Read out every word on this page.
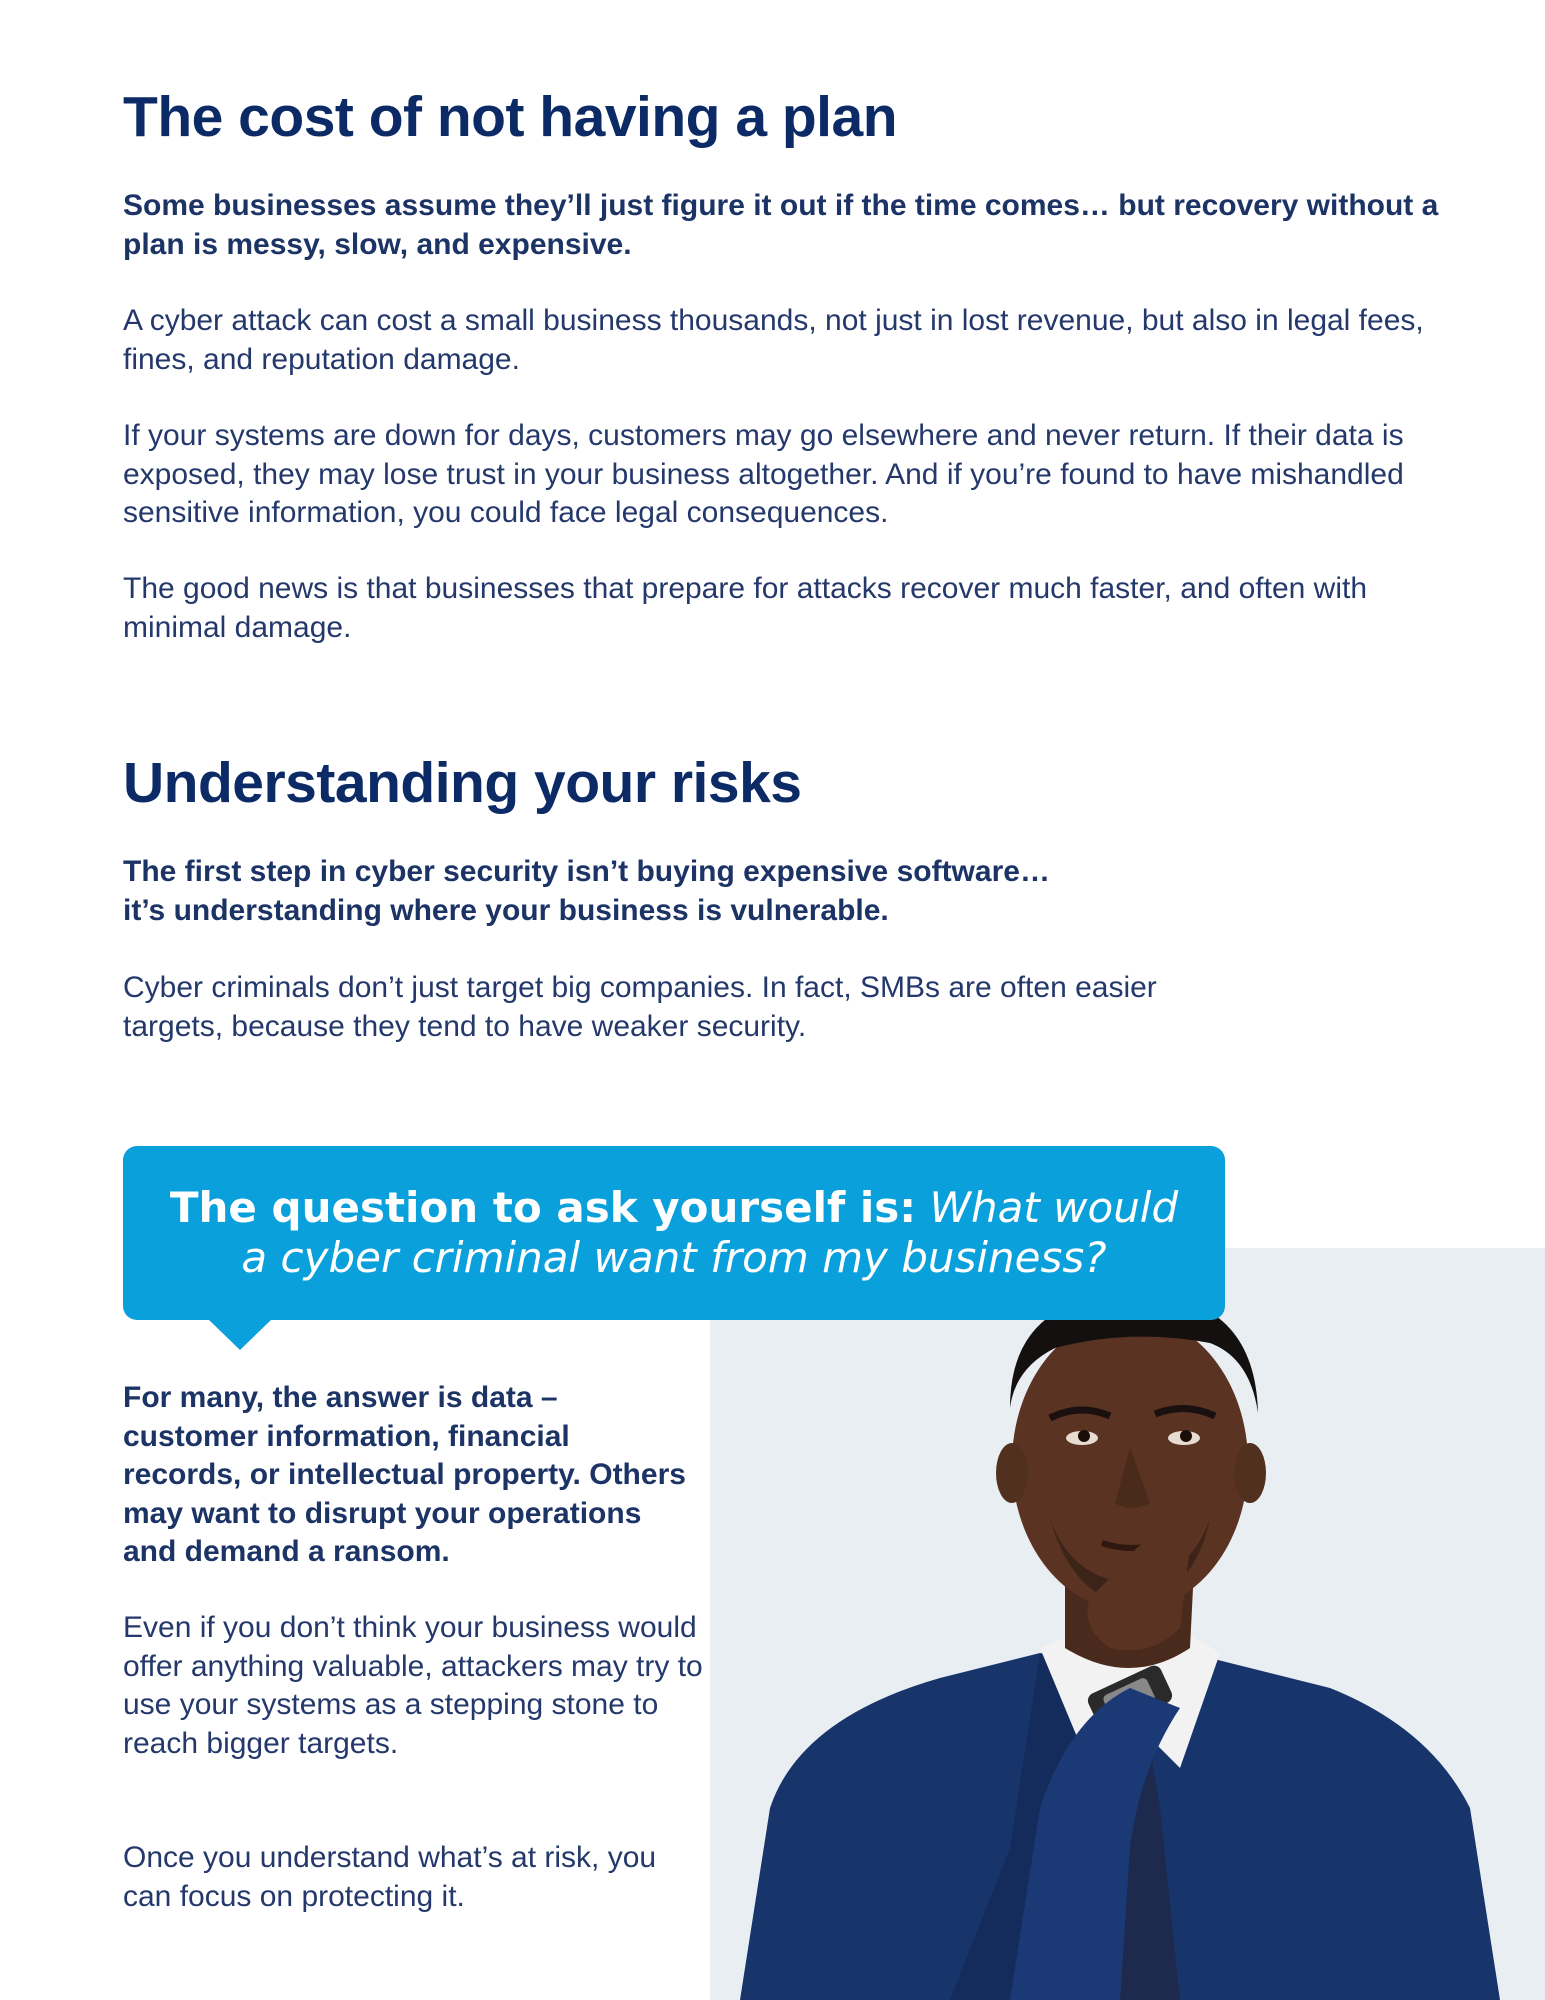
The cost of not having a plan

Some businesses assume they’ll just figure it out if the time comes… but recovery without a plan is messy, slow, and expensive.

A cyber attack can cost a small business thousands, not just in lost revenue, but also in legal fees, fines, and reputation damage.

If your systems are down for days, customers may go elsewhere and never return. If their data is exposed, they may lose trust in your business altogether. And if you’re found to have mishandled sensitive information, you could face legal consequences.

The good news is that businesses that prepare for attacks recover much faster, and often with minimal damage.

Understanding your risks

The first step in cyber security isn’t buying expensive software…
it’s understanding where your business is vulnerable.

Cyber criminals don’t just target big companies. In fact, SMBs are often easier targets, because they tend to have weaker security.

The question to ask yourself is: What would
a cyber criminal want from my business?

For many, the answer is data – customer information, financial records, or intellectual property. Others may want to disrupt your operations and demand a ransom.

Even if you don’t think your business would offer anything valuable, attackers may try to use your systems as a stepping stone to reach bigger targets.

Once you understand what’s at risk, you can focus on protecting it.
